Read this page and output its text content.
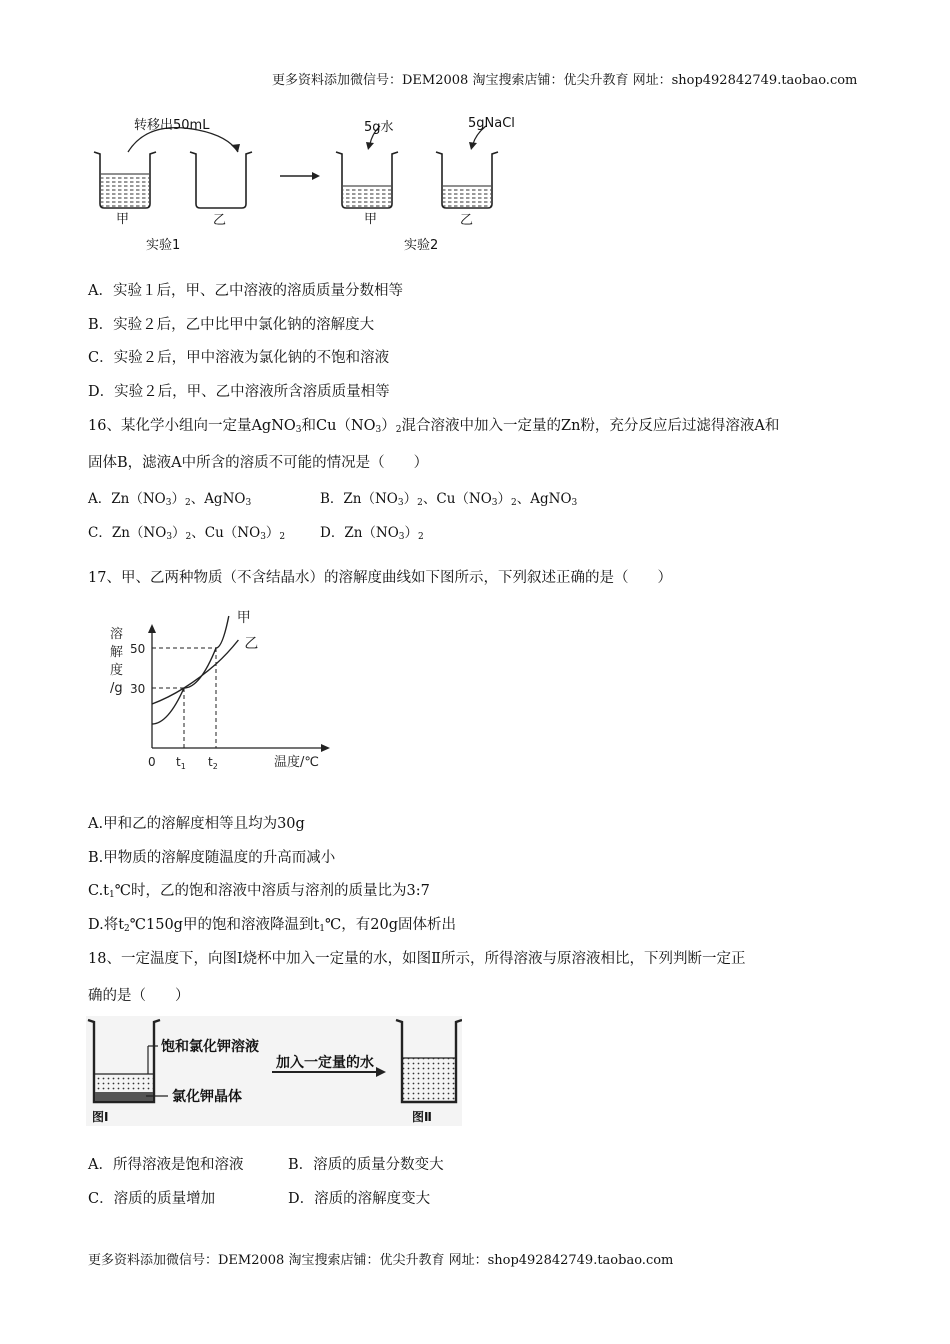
更多资料添加微信号：DEM2008 淘宝搜索店铺：优尖升教育 网址：shop492842749.taobao.com
转移出50mL	5g水	5gNaCl
甲	乙	甲	乙
实验1	实验2
A．实验１后，甲、乙中溶液的溶质质量分数相等
B．实验２后，乙中比甲中氯化钠的溶解度大
C．实验２后，甲中溶液为氯化钠的不饱和溶液
D．实验２后，甲、乙中溶液所含溶质质量相等
16、某化学小组向一定量AgNO$_3$和$Cu(NO_3)_2$混合溶液中加入一定量的Zn粉，充分反应后过滤得溶液A和
固体B，滤液A中所含的溶质不可能的情况是（　　）
A．$Zn(NO_3)_2$、AgNO$_3$	B．$Zn(NO_3)_2$、$Cu(NO_3)_2$、AgNO$_3$
C．$Zn(NO_3)_2$、$Cu(NO_3)_2$	D．$Zn(NO_3)_2$
17、甲、乙两种物质（不含结晶水）的溶解度曲线如下图所示，下列叙述正确的是（　　）
溶
解
度
/g
0	温度/℃
30
50
$t_1$ $t_2$
甲
乙
A.甲和乙的溶解度相等且均为30g
B.甲物质的溶解度随温度的升高而减小
$C.t_1℃$时，乙的饱和溶液中溶质与溶剂的质量比为3:7
D.将$t_2℃150g$甲的饱和溶液降温到$t_1℃$，有20g固体析出
18、一定温度下，向图Ⅰ烧杯中加入一定量的水，如图Ⅱ所示，所得溶液与原溶液相比，下列判断一定正
确的是（　　）
饱和氯化钾溶液
氯化钾晶体
加入一定量的水
图Ⅰ	图Ⅱ
A．所得溶液是饱和溶液	B．溶质的质量分数变大
C．溶质的质量增加	D．溶质的溶解度变大
更多资料添加微信号：DEM2008 淘宝搜索店铺：优尖升教育 网址：shop492842749.taobao.com
